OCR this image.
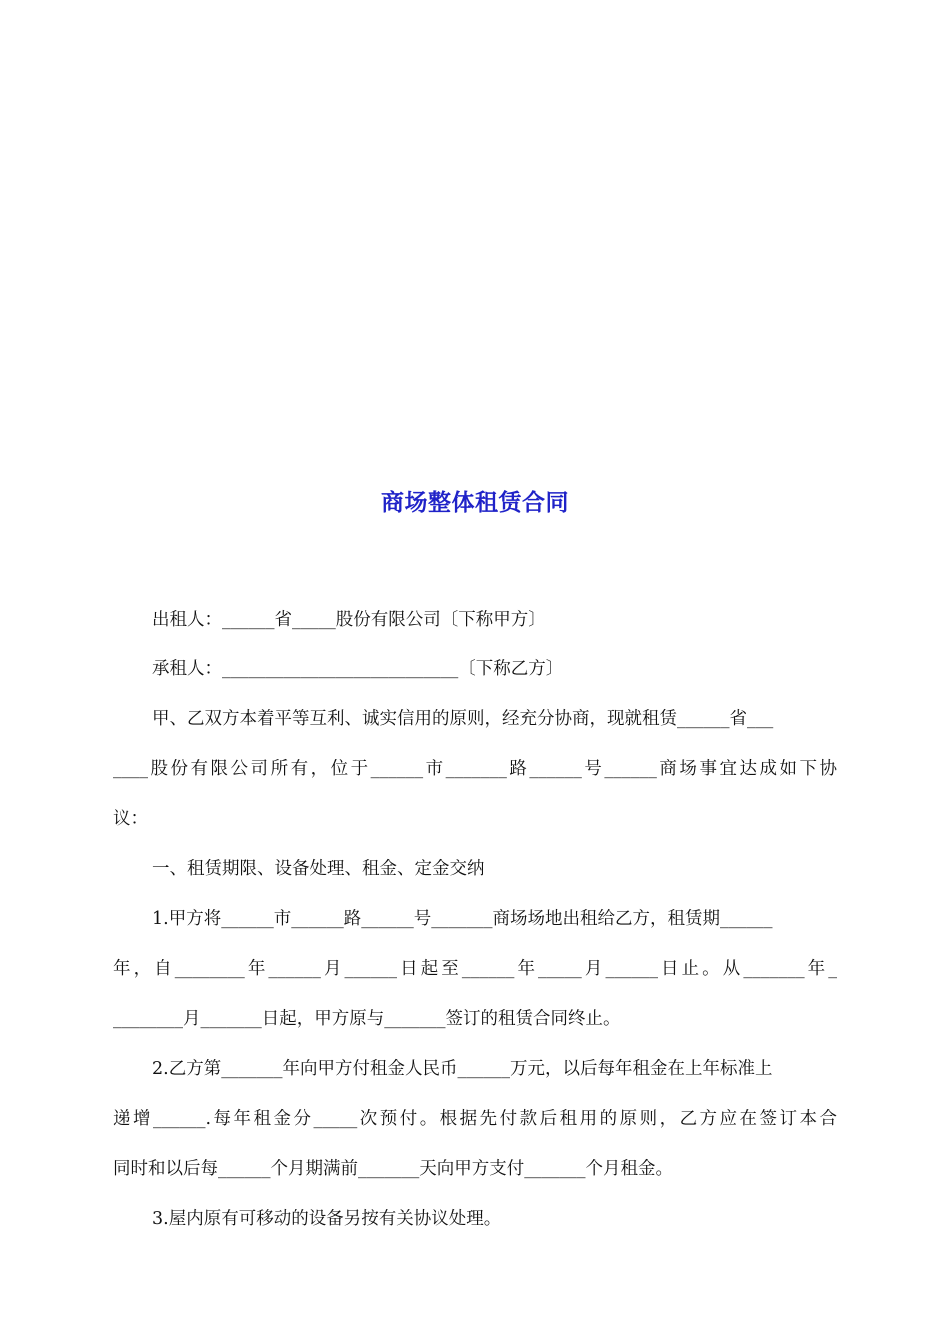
商场整体租赁合同
出租人：______省_____股份有限公司〔下称甲方〕
承租人：___________________________〔下称乙方〕
甲、乙双方本着平等互利、诚实信用的原则，经充分协商，现就租赁______省___
____股份有限公司所有，位于______市_______路______号______商场事宜达成如下协
议：
一、租赁期限、设备处理、租金、定金交纳
1.甲方将______市______路______号_______商场场地出租给乙方，租赁期______
年，自________年______月______日起至______年_____月______日止。从_______年_
________月_______日起，甲方原与_______签订的租赁合同终止。
2.乙方第_______年向甲方付租金人民币______万元，以后每年租金在上年标准上
递增______.每年租金分_____次预付。根据先付款后租用的原则，乙方应在签订本合
同时和以后每______个月期满前_______天向甲方支付_______个月租金。
3.屋内原有可移动的设备另按有关协议处理。
